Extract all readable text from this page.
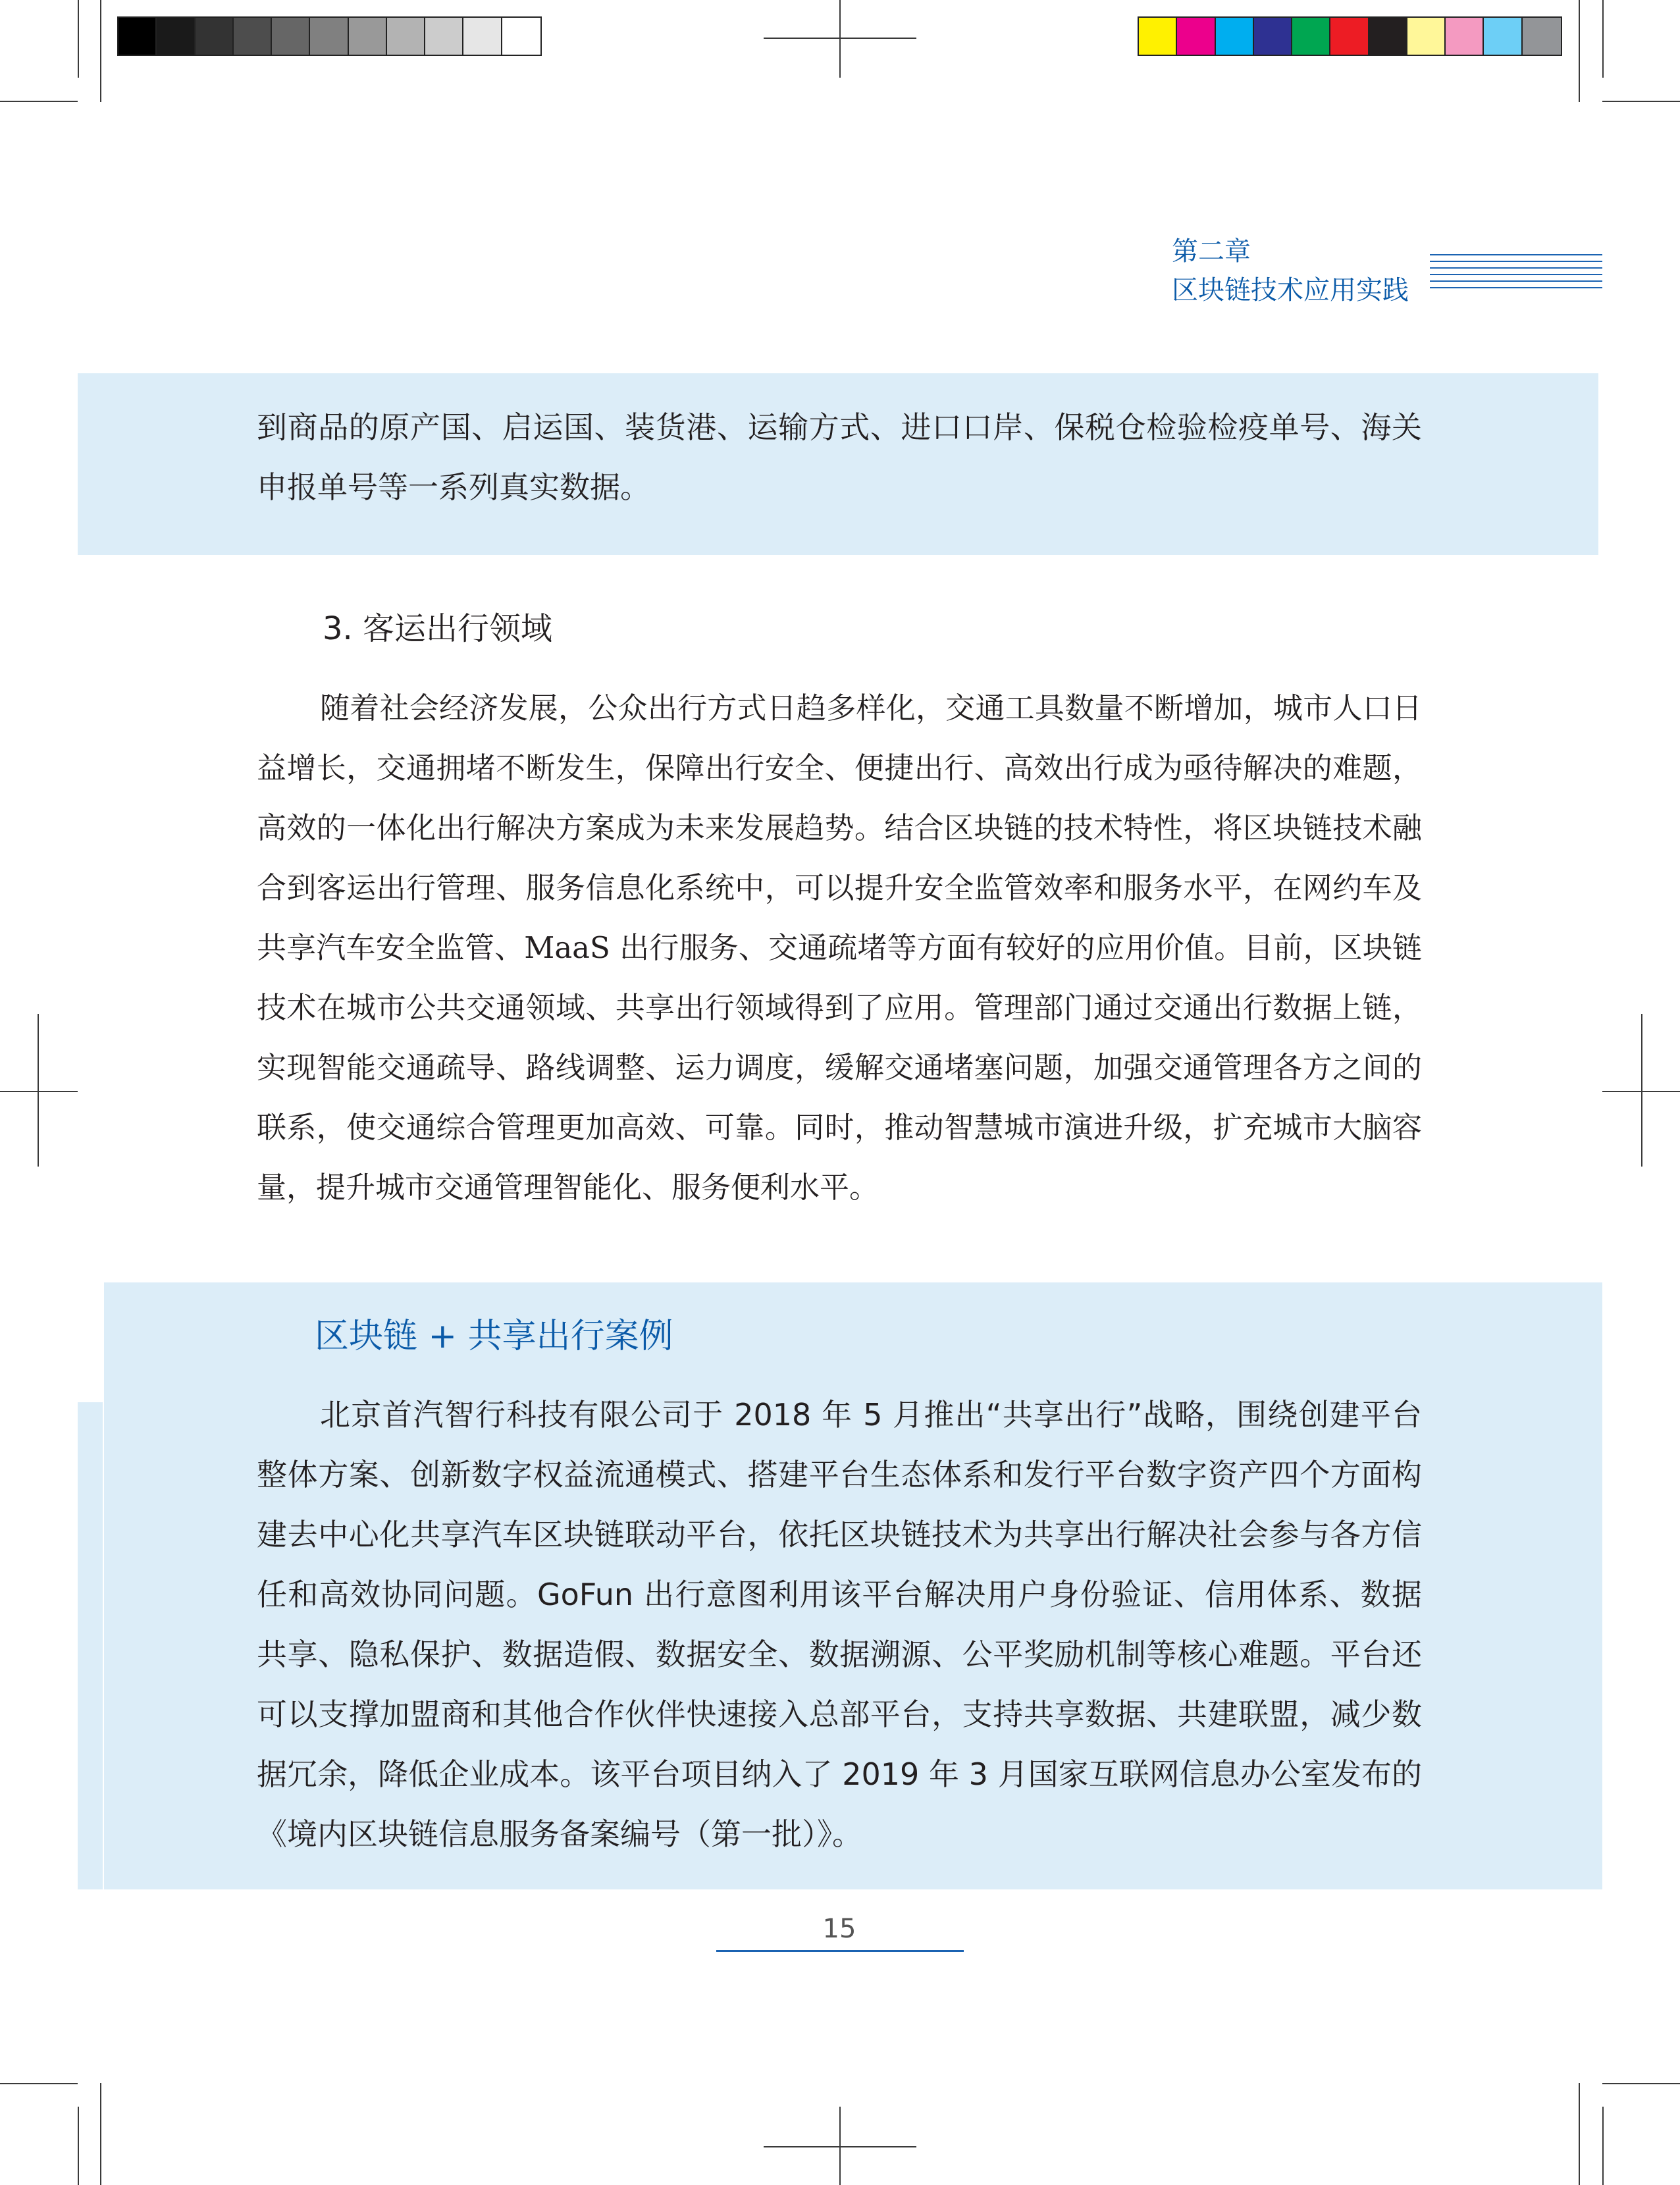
第二章
区块链技术应用实践

到商品的原产国、启运国、装货港、运输方式、进口口岸、保税仓检验检疫单号、海关申报单号等一系列真实数据。

3. 客运出行领域

随着社会经济发展，公众出行方式日趋多样化，交通工具数量不断增加，城市人口日益增长，交通拥堵不断发生，保障出行安全、便捷出行、高效出行成为亟待解决的难题，高效的一体化出行解决方案成为未来发展趋势。结合区块链的技术特性，将区块链技术融合到客运出行管理、服务信息化系统中，可以提升安全监管效率和服务水平，在网约车及共享汽车安全监管、MaaS 出行服务、交通疏堵等方面有较好的应用价值。目前，区块链技术在城市公共交通领域、共享出行领域得到了应用。管理部门通过交通出行数据上链，实现智能交通疏导、路线调整、运力调度，缓解交通堵塞问题，加强交通管理各方之间的联系，使交通综合管理更加高效、可靠。同时，推动智慧城市演进升级，扩充城市大脑容量，提升城市交通管理智能化、服务便利水平。

区块链 + 共享出行案例

北京首汽智行科技有限公司于 2018 年 5 月推出“共享出行”战略，围绕创建平台整体方案、创新数字权益流通模式、搭建平台生态体系和发行平台数字资产四个方面构建去中心化共享汽车区块链联动平台，依托区块链技术为共享出行解决社会参与各方信任和高效协同问题。GoFun 出行意图利用该平台解决用户身份验证、信用体系、数据共享、隐私保护、数据造假、数据安全、数据溯源、公平奖励机制等核心难题。平台还可以支撑加盟商和其他合作伙伴快速接入总部平台，支持共享数据、共建联盟，减少数据冗余，降低企业成本。该平台项目纳入了 2019 年 3 月国家互联网信息办公室发布的《境内区块链信息服务备案编号（第一批）》。

15
